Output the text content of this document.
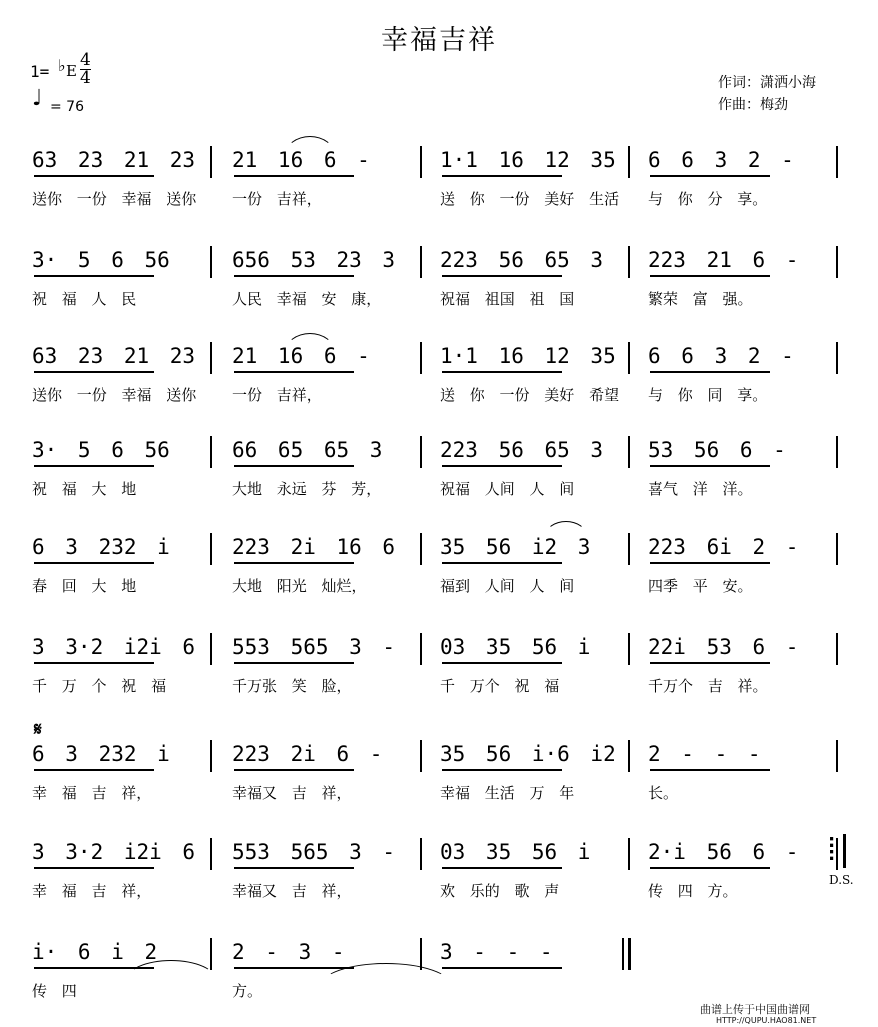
幸福吉祥
1= ♭ E
4
4
♩ = 76
作词：潇洒小海
作曲：梅劲
63 23 21 23
送你 一份 幸福 送你
21 16 6 -
一份 吉祥，
1·1 16 12 35
送 你 一份 美好 生活
6 6 3 2 -
与 你 分 享。
3· 5 6 56
祝 福 人 民
656 53 23 3
人民 幸福 安 康，
223 56 65 3
祝福 祖国 祖 国
223 21 6 -
繁荣 富 强。
63 23 21 23
送你 一份 幸福 送你
21 16 6 -
一份 吉祥，
1·1 16 12 35
送 你 一份 美好 希望
6 6 3 2 -
与 你 同 享。
3· 5 6 56
祝 福 大 地
66 65 65 3
大地 永远 芬 芳，
223 56 65 3
祝福 人间 人 间
53 56 6 -
喜气 洋 洋。
6 3 232 i
春 回 大 地
223 2i 16 6
大地 阳光 灿烂，
35 56 i2 3
福到 人间 人 间
223 6i 2 -
四季 平 安。
3 3·2 i2i 6
千 万 个 祝 福
553 565 3 -
千万张 笑 脸，
03 35 56 i
千 万个 祝 福
22i 53 6 -
千万个 吉 祥。
6 3 232 i
幸 福 吉 祥，
223 2i 6 -
幸福又 吉 祥，
35 56 i·6 i2
幸福 生活 万 年
2 - - -
长。
3 3·2 i2i 6
幸 福 吉 祥，
553 565 3 -
幸福又 吉 祥，
03 35 56 i
欢 乐的 歌 声
2·i 56 6 -
传 四 方。
i· 6 i 2
传 四
2 - 3 -
方。
3 - - -
𝄋
D.S.
:
:
曲谱上传于中国曲谱网
HTTP://QUPU.HAO81.NET
